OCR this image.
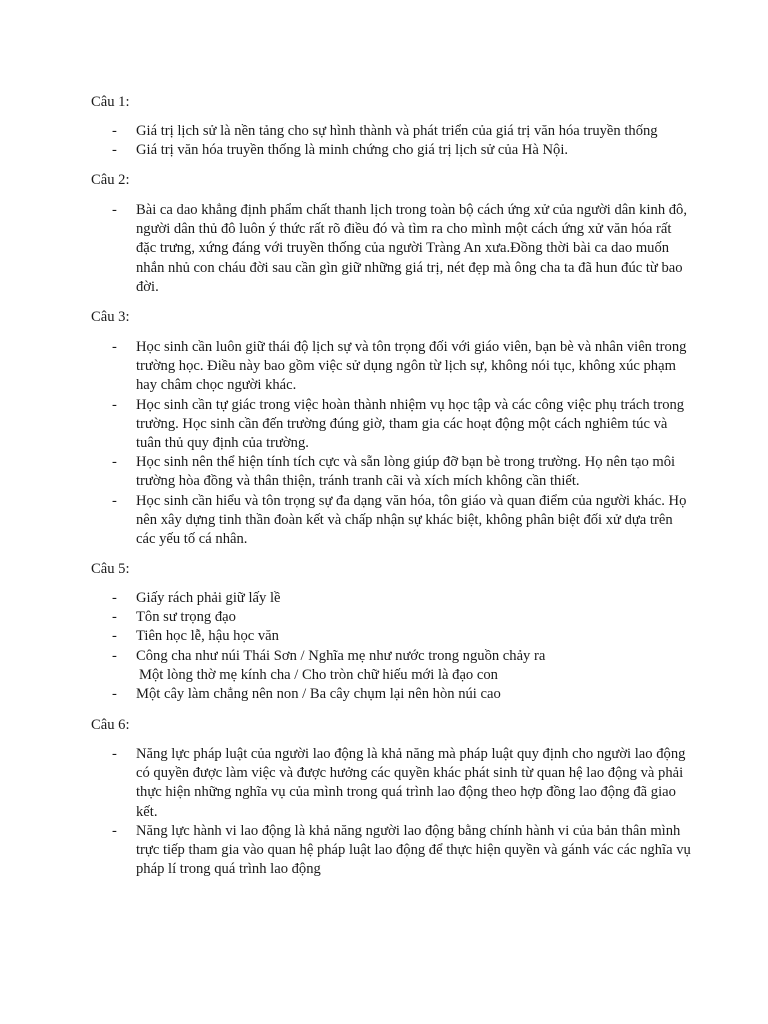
Câu 1:

- Giá trị lịch sử là nền tảng cho sự hình thành và phát triển của giá trị văn hóa truyền thống
- Giá trị văn hóa truyền thống là minh chứng cho giá trị lịch sử của Hà Nội.

Câu 2:

- Bài ca dao khẳng định phẩm chất thanh lịch trong toàn bộ cách ứng xử của người dân kinh đô, người dân thủ đô luôn ý thức rất rõ điều đó và tìm ra cho mình một cách ứng xử văn hóa rất đặc trưng, xứng đáng với truyền thống của người Tràng An xưa.Đồng thời bài ca dao muốn nhắn nhủ con cháu đời sau cần gìn giữ những giá trị, nét đẹp mà ông cha ta đã hun đúc từ bao đời.

Câu 3:

- Học sinh cần luôn giữ thái độ lịch sự và tôn trọng đối với giáo viên, bạn bè và nhân viên trong trường học. Điều này bao gồm việc sử dụng ngôn từ lịch sự, không nói tục, không xúc phạm hay châm chọc người khác.
- Học sinh cần tự giác trong việc hoàn thành nhiệm vụ học tập và các công việc phụ trách trong trường. Học sinh cần đến trường đúng giờ, tham gia các hoạt động một cách nghiêm túc và tuân thủ quy định của trường.
- Học sinh nên thể hiện tính tích cực và sẵn lòng giúp đỡ bạn bè trong trường. Họ nên tạo môi trường hòa đồng và thân thiện, tránh tranh cãi và xích mích không cần thiết.
- Học sinh cần hiểu và tôn trọng sự đa dạng văn hóa, tôn giáo và quan điểm của người khác. Họ nên xây dựng tinh thần đoàn kết và chấp nhận sự khác biệt, không phân biệt đối xử dựa trên các yếu tố cá nhân.

Câu 5:

- Giấy rách phải giữ lấy lề
- Tôn sư trọng đạo
- Tiên học lễ, hậu học văn
- Công cha như núi Thái Sơn / Nghĩa mẹ như nước trong nguồn chảy ra
Một lòng thờ mẹ kính cha / Cho tròn chữ hiếu mới là đạo con
- Một cây làm chẳng nên non / Ba cây chụm lại nên hòn núi cao

Câu 6:

- Năng lực pháp luật của người lao động là khả năng mà pháp luật quy định cho người lao động có quyền được làm việc và được hưởng các quyền khác phát sinh từ quan hệ lao động và phải thực hiện những nghĩa vụ của mình trong quá trình lao động theo hợp đồng lao động đã giao kết.
- Năng lực hành vi lao động là khả năng người lao động bằng chính hành vi của bản thân mình trực tiếp tham gia vào quan hệ pháp luật lao động để thực hiện quyền và gánh vác các nghĩa vụ pháp lí trong quá trình lao động
